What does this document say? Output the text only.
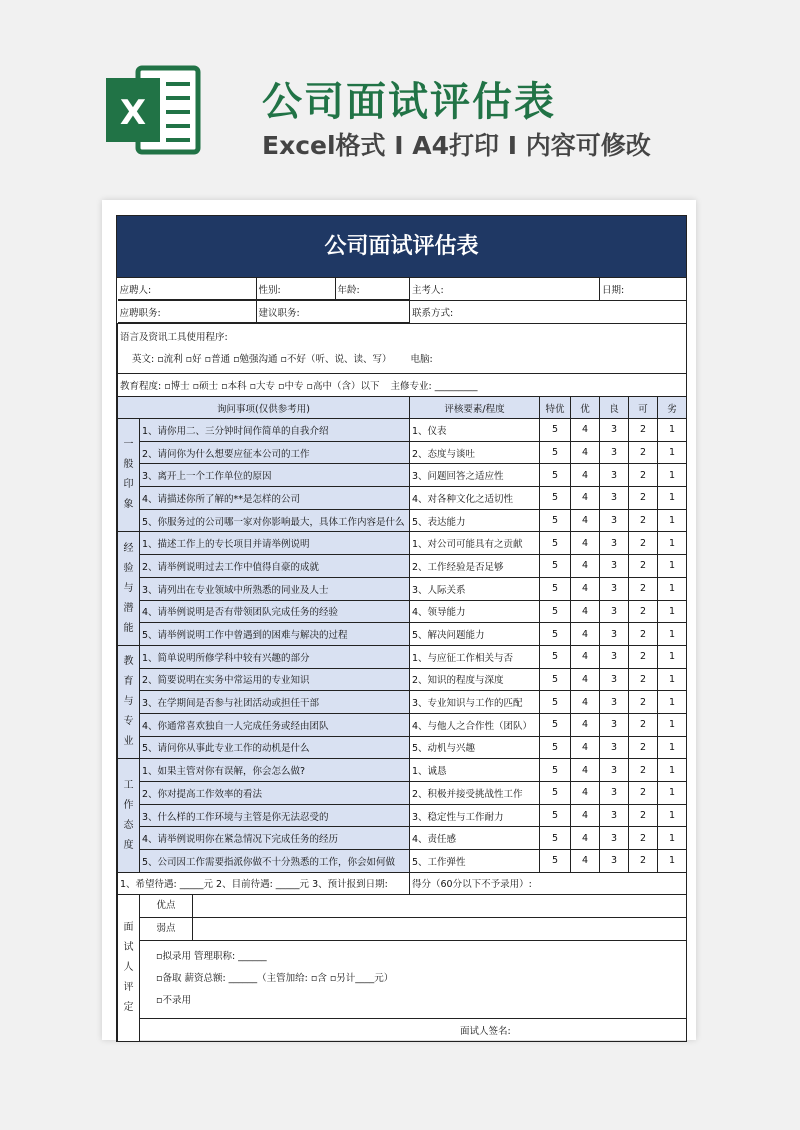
X	公司面试评估表
Excel格式 I A4打印 I 内容可修改
公司面试评估表
应聘人:	性别:	年龄:
		主考人:	日期:

应聘职务:	建议职务:
		联系方式:

语言及资讯工具使用程序:
英文: ▫流利 ▫好 ▫普通 ▫勉强沟通 ▫不好（听、说、读、写） 电脑:

教育程度: ▫博士 ▫硕士 ▫本科 ▫大专 ▫中专 ▫高中（含）以下 主修专业: _________
询问事项(仅供参考用)	评核要素/程度	特优	优	良	可	劣
一般印象	1、请你用二、三分钟时间作简单的自我介绍	1、仪表	5	4	3	2	1
2、请问你为什么想要应征本公司的工作	2、态度与谈吐	5	4	3	2	1
3、离开上一个工作单位的原因	3、问题回答之适应性	5	4	3	2	1
4、请描述你所了解的**是怎样的公司	4、对各种文化之适切性	5	4	3	2	1
5、你服务过的公司哪一家对你影响最大，具体工作内容是什么	5、表达能力	5	4	3	2	1
经验与潜能	1、描述工作上的专长项目并请举例说明	1、对公司可能具有之贡献	5	4	3	2	1
2、请举例说明过去工作中值得自豪的成就	2、工作经验是否足够	5	4	3	2	1
3、请列出在专业领域中所熟悉的同业及人士	3、人际关系	5	4	3	2	1
4、请举例说明是否有带领团队完成任务的经验	4、领导能力	5	4	3	2	1
5、请举例说明工作中曾遇到的困难与解决的过程	5、解决问题能力	5	4	3	2	1
教育与专业	1、简单说明所修学科中较有兴趣的部分	1、与应征工作相关与否	5	4	3	2	1
2、简要说明在实务中常运用的专业知识	2、知识的程度与深度	5	4	3	2	1
3、在学期间是否参与社团活动或担任干部	3、专业知识与工作的匹配	5	4	3	2	1
4、你通常喜欢独自一人完成任务或经由团队	4、与他人之合作性（团队）	5	4	3	2	1
5、请问你从事此专业工作的动机是什么	5、动机与兴趣	5	4	3	2	1
工作态度	1、如果主管对你有误解，你会怎么做?	1、诚恳	5	4	3	2	1
2、你对提高工作效率的看法	2、积极并接受挑战性工作	5	4	3	2	1
3、什么样的工作环境与主管是你无法忍受的	3、稳定性与工作耐力	5	4	3	2	1
4、请举例说明你在紧急情况下完成任务的经历	4、责任感	5	4	3	2	1
5、公司因工作需要指派你做不十分熟悉的工作，你会如何做	5、工作弹性	5	4	3	2	1
1、希望待遇: _____元 2、目前待遇: _____元 3、预计报到日期:	得分（60分以下不予录用）:
面试人评定	优点
弱点

▫拟录用 管理职称: ______
▫备取 薪资总额: ______（主管加给: ▫含 ▫另计____元）
▫不录用

面试人签名:
